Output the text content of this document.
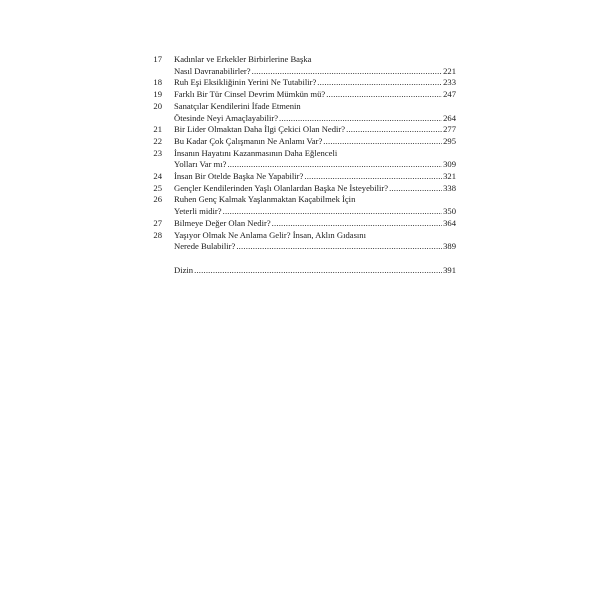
17 Kadınlar ve Erkekler Birbirlerine Başka
Nasıl Davranabilirler? .....	221
18 Ruh Eşi Eksikliğinin Yerini Ne Tutabilir? .....	233
19 Farklı Bir Tür Cinsel Devrim Mümkün mü? .....	247
20 Sanatçılar Kendilerini İfade Etmenin
Ötesinde Neyi Amaçlayabilir? .....	264
21 Bir Lider Olmaktan Daha İlgi Çekici Olan Nedir? .....	277
22 Bu Kadar Çok Çalışmanın Ne Anlamı Var? .....	295
23 İnsanın Hayatını Kazanmasının Daha Eğlenceli
Yolları Var mı? .....	309
24 İnsan Bir Otelde Başka Ne Yapabilir? .....	321
25 Gençler Kendilerinden Yaşlı Olanlardan Başka Ne İsteyebilir? .....	338
26 Ruhen Genç Kalmak Yaşlanmaktan Kaçabilmek İçin
Yeterli midir? .....	350
27 Bilmeye Değer Olan Nedir? .....	364
28 Yaşıyor Olmak Ne Anlama Gelir? İnsan, Aklın Gıdasını
Nerede Bulabilir? .....	389
Dizin .....	391
